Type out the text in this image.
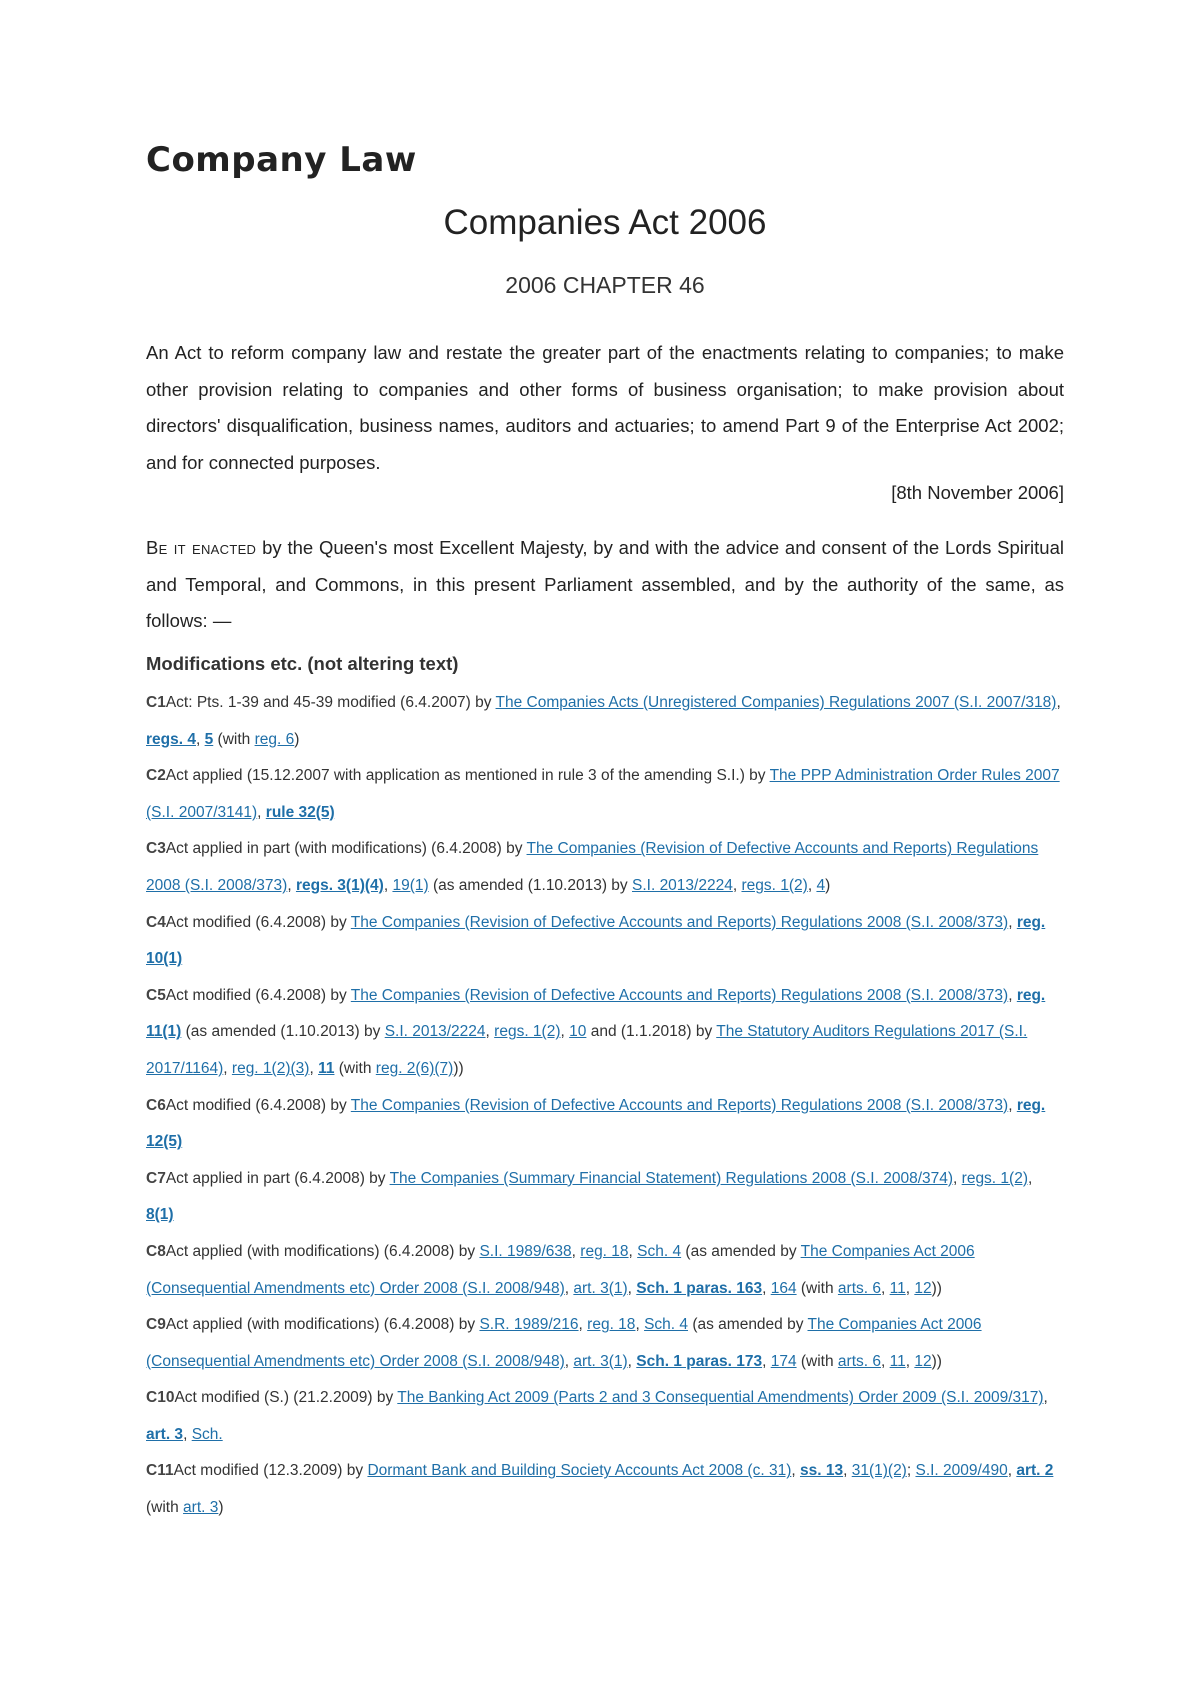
Company Law
Companies Act 2006

2006 CHAPTER 46

An Act to reform company law and restate the greater part of the enactments relating to companies; to make other provision relating to companies and other forms of business organisation; to make provision about directors' disqualification, business names, auditors and actuaries; to amend Part 9 of the Enterprise Act 2002; and for connected purposes.

[8th November 2006]

Be it enacted by the Queen's most Excellent Majesty, by and with the advice and consent of the Lords Spiritual and Temporal, and Commons, in this present Parliament assembled, and by the authority of the same, as follows: —

Modifications etc. (not altering text)

C1Act: Pts. 1-39 and 45-39 modified (6.4.2007) by The Companies Acts (Unregistered Companies) Regulations 2007 (S.I. 2007/318), regs. 4, 5 (with reg. 6)

C2Act applied (15.12.2007 with application as mentioned in rule 3 of the amending S.I.) by The PPP Administration Order Rules 2007 (S.I. 2007/3141), rule 32(5)

C3Act applied in part (with modifications) (6.4.2008) by The Companies (Revision of Defective Accounts and Reports) Regulations 2008 (S.I. 2008/373), regs. 3(1)(4), 19(1) (as amended (1.10.2013) by S.I. 2013/2224, regs. 1(2), 4)

C4Act modified (6.4.2008) by The Companies (Revision of Defective Accounts and Reports) Regulations 2008 (S.I. 2008/373), reg. 10(1)

C5Act modified (6.4.2008) by The Companies (Revision of Defective Accounts and Reports) Regulations 2008 (S.I. 2008/373), reg. 11(1) (as amended (1.10.2013) by S.I. 2013/2224, regs. 1(2), 10 and (1.1.2018) by The Statutory Auditors Regulations 2017 (S.I. 2017/1164), reg. 1(2)(3), 11 (with reg. 2(6)(7)))

C6Act modified (6.4.2008) by The Companies (Revision of Defective Accounts and Reports) Regulations 2008 (S.I. 2008/373), reg. 12(5)

C7Act applied in part (6.4.2008) by The Companies (Summary Financial Statement) Regulations 2008 (S.I. 2008/374), regs. 1(2), 8(1)

C8Act applied (with modifications) (6.4.2008) by S.I. 1989/638, reg. 18, Sch. 4 (as amended by The Companies Act 2006 (Consequential Amendments etc) Order 2008 (S.I. 2008/948), art. 3(1), Sch. 1 paras. 163, 164 (with arts. 6, 11, 12))

C9Act applied (with modifications) (6.4.2008) by S.R. 1989/216, reg. 18, Sch. 4 (as amended by The Companies Act 2006 (Consequential Amendments etc) Order 2008 (S.I. 2008/948), art. 3(1), Sch. 1 paras. 173, 174 (with arts. 6, 11, 12))

C10Act modified (S.) (21.2.2009) by The Banking Act 2009 (Parts 2 and 3 Consequential Amendments) Order 2009 (S.I. 2009/317), art. 3, Sch.

C11Act modified (12.3.2009) by Dormant Bank and Building Society Accounts Act 2008 (c. 31), ss. 13, 31(1)(2); S.I. 2009/490, art. 2 (with art. 3)
